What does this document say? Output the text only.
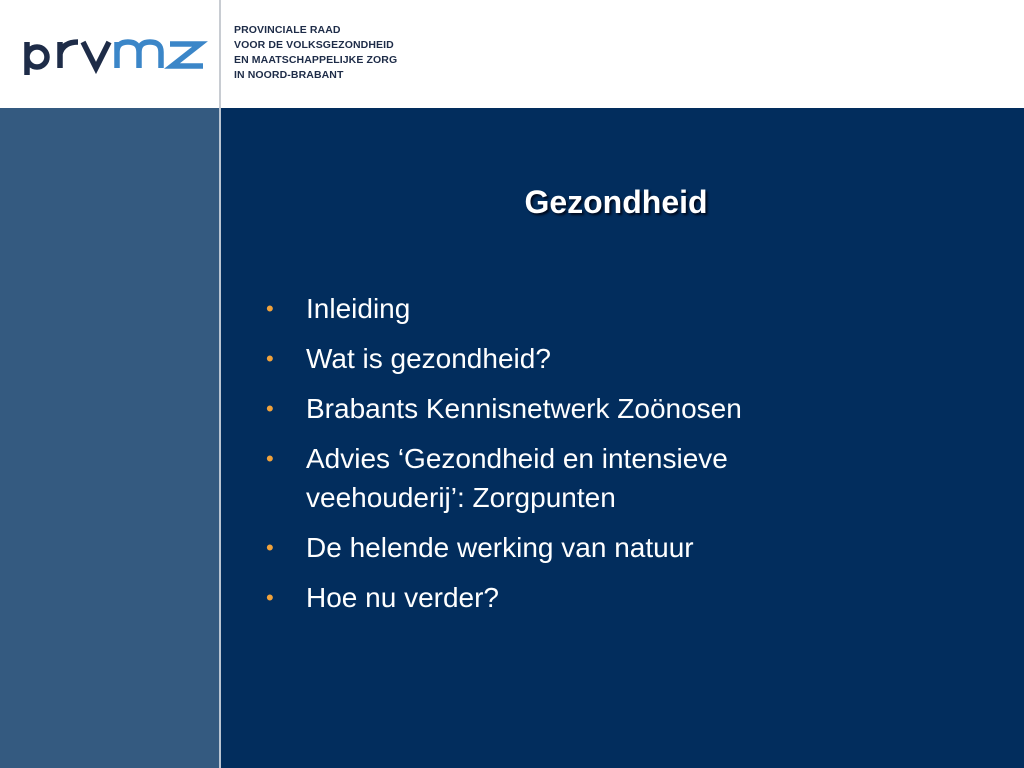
PROVINCIALE RAAD
VOOR DE VOLKSGEZONDHEID
EN MAATSCHAPPELIJKE ZORG
IN NOORD-BRABANT
Gezondheid
• Inleiding
• Wat is gezondheid?
• Brabants Kennisnetwerk Zoönosen
• Advies ‘Gezondheid en intensieve veehouderij’: Zorgpunten
• De helende werking van natuur
• Hoe nu verder?
